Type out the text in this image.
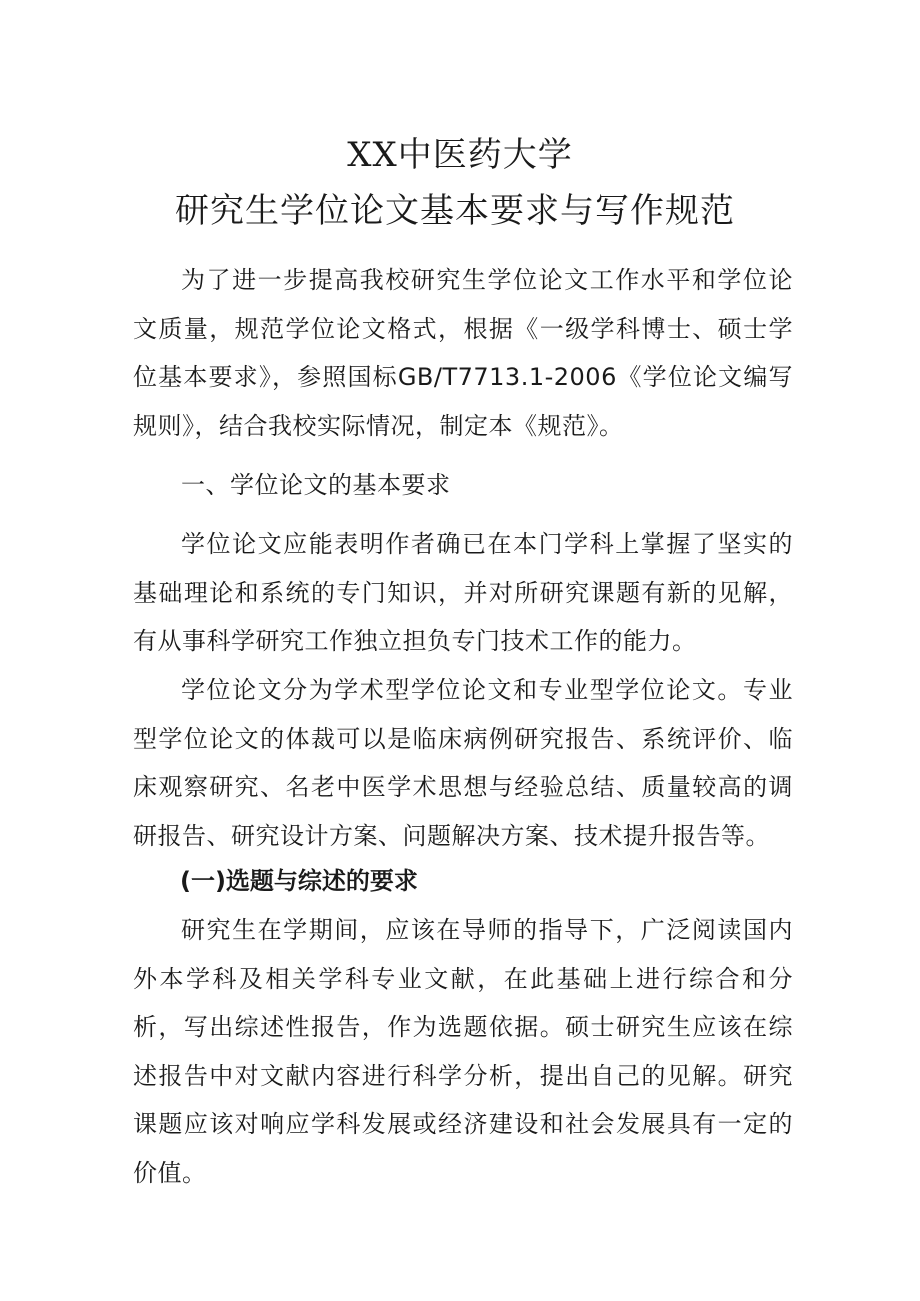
XX中医药大学
研究生学位论文基本要求与写作规范

为了进一步提高我校研究生学位论文工作水平和学位论文质量，规范学位论文格式，根据《一级学科博士、硕士学位基本要求》，参照国标GB/T7713.1-2006《学位论文编写规则》，结合我校实际情况，制定本《规范》。

一、学位论文的基本要求

学位论文应能表明作者确已在本门学科上掌握了坚实的基础理论和系统的专门知识，并对所研究课题有新的见解，有从事科学研究工作独立担负专门技术工作的能力。

学位论文分为学术型学位论文和专业型学位论文。专业型学位论文的体裁可以是临床病例研究报告、系统评价、临床观察研究、名老中医学术思想与经验总结、质量较高的调研报告、研究设计方案、问题解决方案、技术提升报告等。

(一)选题与综述的要求

研究生在学期间，应该在导师的指导下，广泛阅读国内外本学科及相关学科专业文献，在此基础上进行综合和分析，写出综述性报告，作为选题依据。硕士研究生应该在综述报告中对文献内容进行科学分析，提出自己的见解。研究课题应该对响应学科发展或经济建设和社会发展具有一定的价值。
